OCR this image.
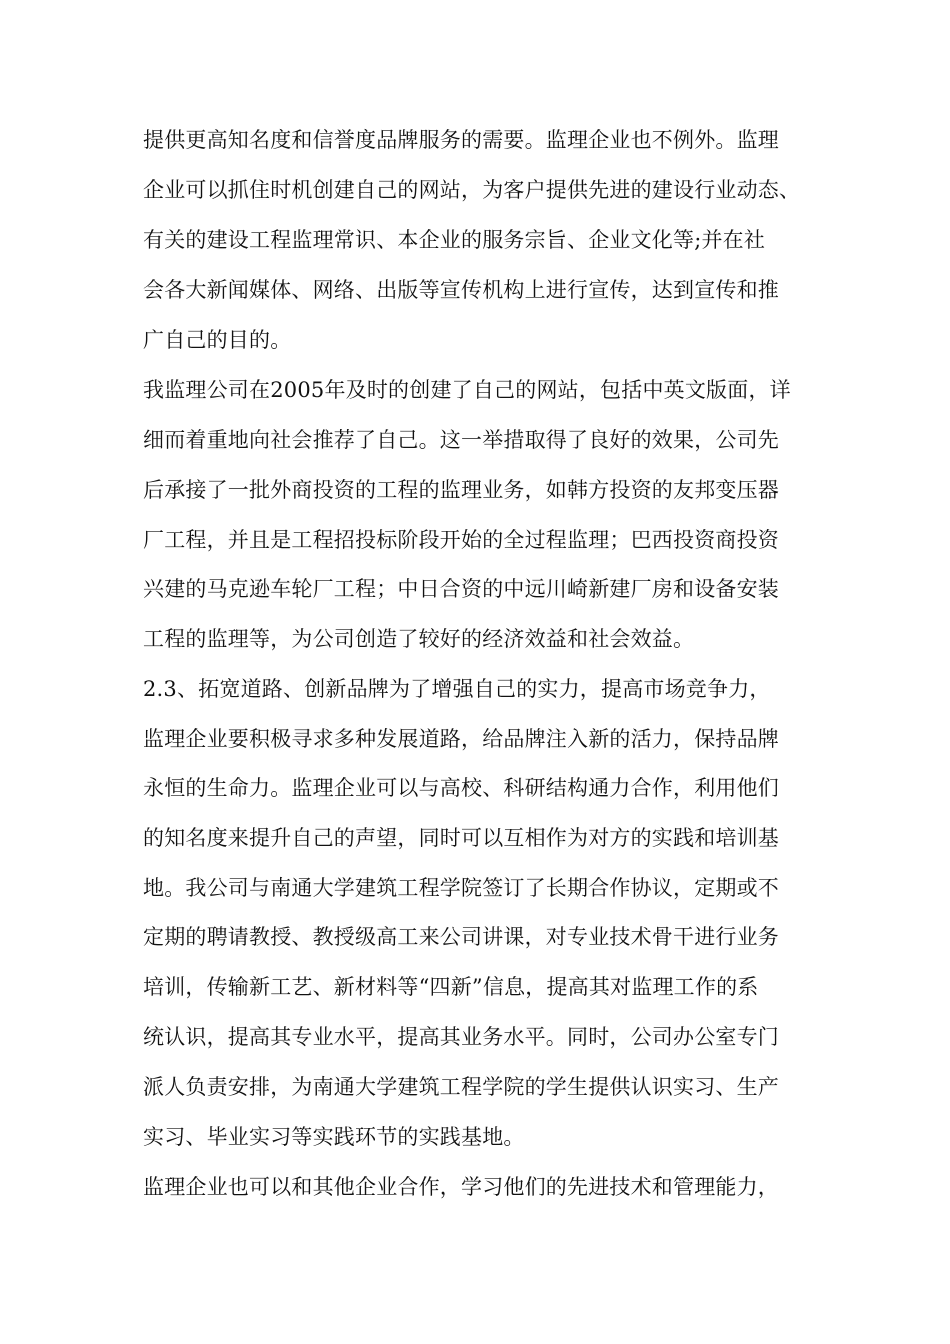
提供更高知名度和信誉度品牌服务的需要。监理企业也不例外。监理

企业可以抓住时机创建自己的网站，为客户提供先进的建设行业动态、

有关的建设工程监理常识、本企业的服务宗旨、企业文化等;并在社

会各大新闻媒体、网络、出版等宣传机构上进行宣传，达到宣传和推

广自己的目的。

我监理公司在2005年及时的创建了自己的网站，包括中英文版面，详

细而着重地向社会推荐了自己。这一举措取得了良好的效果，公司先

后承接了一批外商投资的工程的监理业务，如韩方投资的友邦变压器

厂工程，并且是工程招投标阶段开始的全过程监理；巴西投资商投资

兴建的马克逊车轮厂工程；中日合资的中远川崎新建厂房和设备安装

工程的监理等，为公司创造了较好的经济效益和社会效益。

2.3、拓宽道路、创新品牌为了增强自己的实力，提高市场竞争力，

监理企业要积极寻求多种发展道路，给品牌注入新的活力，保持品牌

永恒的生命力。监理企业可以与高校、科研结构通力合作，利用他们

的知名度来提升自己的声望，同时可以互相作为对方的实践和培训基

地。我公司与南通大学建筑工程学院签订了长期合作协议，定期或不

定期的聘请教授、教授级高工来公司讲课，对专业技术骨干进行业务

培训，传输新工艺、新材料等“四新”信息，提高其对监理工作的系

统认识，提高其专业水平，提高其业务水平。同时，公司办公室专门

派人负责安排，为南通大学建筑工程学院的学生提供认识实习、生产

实习、毕业实习等实践环节的实践基地。

监理企业也可以和其他企业合作，学习他们的先进技术和管理能力，
